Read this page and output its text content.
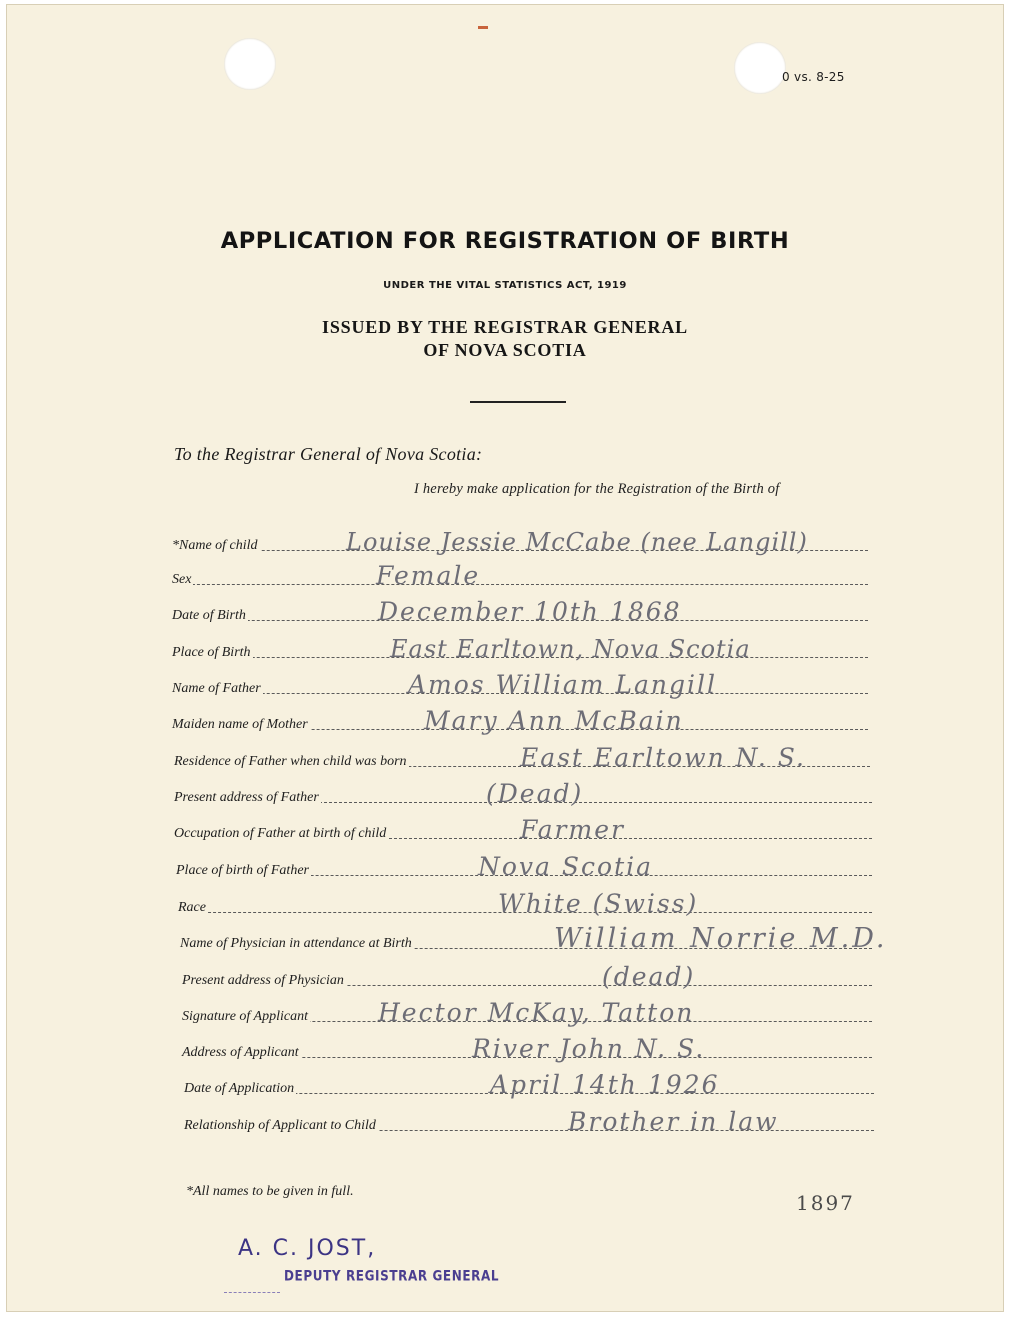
0 vs. 8-25
APPLICATION FOR REGISTRATION OF BIRTH
UNDER THE VITAL STATISTICS ACT, 1919
ISSUED BY THE REGISTRAR GENERAL
OF NOVA SCOTIA
To the Registrar General of Nova Scotia:
I hereby make application for the Registration of the Birth of
*Name of child	Louise Jessie McCabe (nee Langill)
Sex	Female
Date of Birth	December 10th 1868
Place of Birth	East Earltown, Nova Scotia
Name of Father	Amos William Langill
Maiden name of Mother	Mary Ann McBain
Residence of Father when child was born	East Earltown N. S.
Present address of Father	(Dead)
Occupation of Father at birth of child	Farmer
Place of birth of Father	Nova Scotia
Race	White (Swiss)
Name of Physician in attendance at Birth	William Norrie M.D.
Present address of Physician	(dead)
Signature of Applicant	Hector McKay, Tatton
Address of Applicant	River John N. S.
Date of Application	April 14th 1926
Relationship of Applicant to Child	Brother in law
*All names to be given in full.	1897
A. C. JOST,
DEPUTY REGISTRAR GENERAL
